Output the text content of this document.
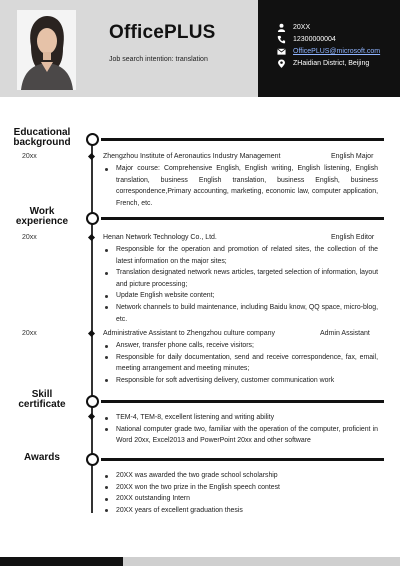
OfficePLUS
Job search intention: translation
20XX
12300000004
OfficePLUS@microsoft.com
ZHaidian District, Beijing
Educational
background
20xx	Zhengzhou Institute of Aeronautics Industry Management	English Major
Major course: Comprehensive English, English writing, English listening, English translation, business English translation, business English, business correspondence,Primary accounting, marketing, economic law, computer application, French, etc.
Work
experience
20xx	Henan Network Technology Co., Ltd.	English Editor
Responsible for the operation and promotion of related sites, the collection of the latest information on the major sites;
Translation designated network news articles, targeted selection of information, layout and picture processing;
Update English website content;
Network channels to build maintenance, including Baidu know, QQ space, micro-blog, etc.
20xx	Administrative Assistant to Zhengzhou culture company	Admin Assistant
Answer, transfer phone calls, receive visitors;
Responsible for daily documentation, send and receive correspondence, fax, email, meeting arrangement and meeting minutes;
Responsible for soft advertising delivery, customer communication work
Skill
certificate
TEM-4, TEM-8, excellent listening and writing ability
National computer grade two, familiar with the operation of the computer, proficient in Word 20xx, Excel2013 and PowerPoint 20xx and other software
Awards
20XX was awarded the two grade school scholarship
20XX won the two prize in the English speech contest
20XX outstanding Intern
20XX years of excellent graduation thesis
